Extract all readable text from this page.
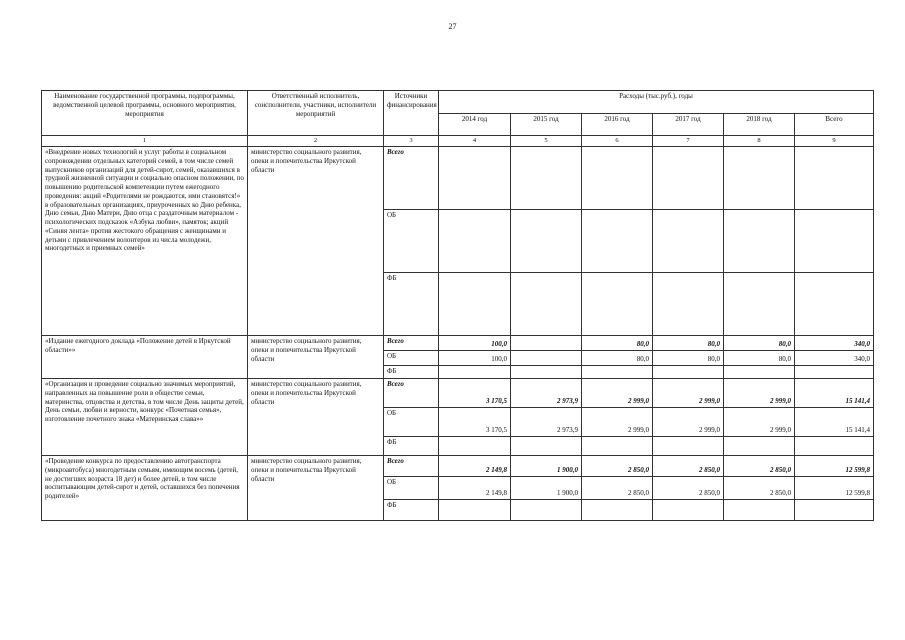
27
Наименование государственной программы, подпрограммы, ведомственной целевой программы, основного мероприятия, мероприятия	Ответственный исполнитель, соисполнители, участники, исполнители мероприятий	Источники финансирования	Расходы (тыс.руб.), годы					
			2014 год	2015 год	2016 год	2017 год	2018 год	Всего
1	2	3	4	5	6	7	8	9
«Внедрение новых технологий и услуг работы в социальном сопровождении отдельных категорий семей, в том числе семей выпускников организаций для детей-сирот, семей, оказавшихся в трудной жизненной ситуации и социально опасном положении, по повышению родительской компетенции путем ежегодного проведения: акций «Родителями не рождаются, ими становятся!» в образовательных организациях, приуроченных ко Дню ребенка, Дню семьи, Дню Матери, Дню отца с раздаточным материалом - психологических подсказок «Азбука любви», памяток; акций «Синяя лента» против жестокого обращения с женщинами и детьми с привлечением волонтеров из числа молодежи, многодетных и приемных семей»	министерство социального развития, опеки и попечительства Иркутской области	Всего						
		ОБ						
		ФБ						
«Издание ежегодного доклада «Положение детей в Иркутской области»»	министерство социального развития, опеки и попечительства Иркутской области	Всего	100,0		80,0	80,0	80,0	340,0
		ОБ	100,0		80,0	80,0	80,0	340,0
		ФБ						
«Организация и проведение социально значимых мероприятий, направленных на повышение роли в обществе семьи, материнства, отцовства и детства, в том числе День защиты детей, День семьи, любви и верности, конкурс «Почетная семья», изготовление почетного знака «Материнская слава»»	министерство социального развития, опеки и попечительства Иркутской области	Всего	3 170,5	2 973,9	2 999,0	2 999,0	2 999,0	15 141,4
		ОБ	3 170,5	2 973,9	2 999,0	2 999,0	2 999,0	15 141,4
		ФБ						
«Проведение конкурса по предоставлению автотранспорта (микроавтобуса) многодетным семьям, имеющим восемь (детей, не достигших возраста 18 дет) и более детей, в том числе воспитывающим детей-сирот и детей, оставшихся без попечения родителей»	министерство социального развития, опеки и попечительства Иркутской области	Всего	2 149,8	1 900,0	2 850,0	2 850,0	2 850,0	12 599,8
		ОБ	2 149,8	1 900,0	2 850,0	2 850,0	2 850,0	12 599,8
		ФБ						
